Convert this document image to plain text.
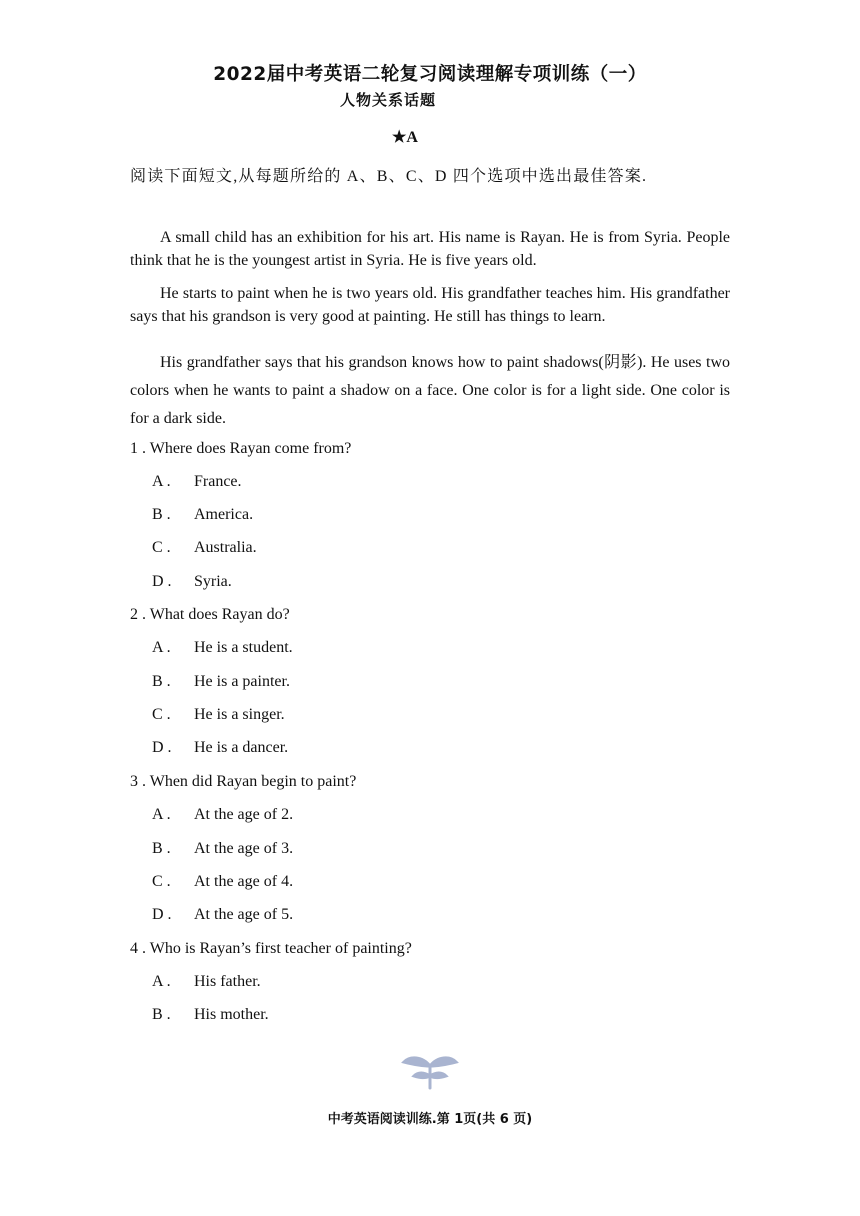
2022届中考英语二轮复习阅读理解专项训练（一）
人物关系话题
★A

阅读下面短文,从每题所给的 A、B、C、D 四个选项中选出最佳答案.

A small child has an exhibition for his art. His name is Rayan. He is from Syria. People think that he is the youngest artist in Syria. He is five years old.

He starts to paint when he is two years old. His grandfather teaches him. His grandfather says that his grandson is very good at painting. He still has things to learn.

His grandfather says that his grandson knows how to paint shadows(阴影). He uses two colors when he wants to paint a shadow on a face. One color is for a light side. One color is for a dark side.

1 . Where does Rayan come from?

A . France.
B . America.
C . Australia.
D . Syria.

2 . What does Rayan do?

A . He is a student.
B . He is a painter.
C . He is a singer.
D . He is a dancer.

3 . When did Rayan begin to paint?

A . At the age of 2.
B . At the age of 3.
C . At the age of 4.
D . At the age of 5.

4 . Who is Rayan’s first teacher of painting?

A . His father.
B . His mother.
中考英语阅读训练.第 1页(共 6 页)
